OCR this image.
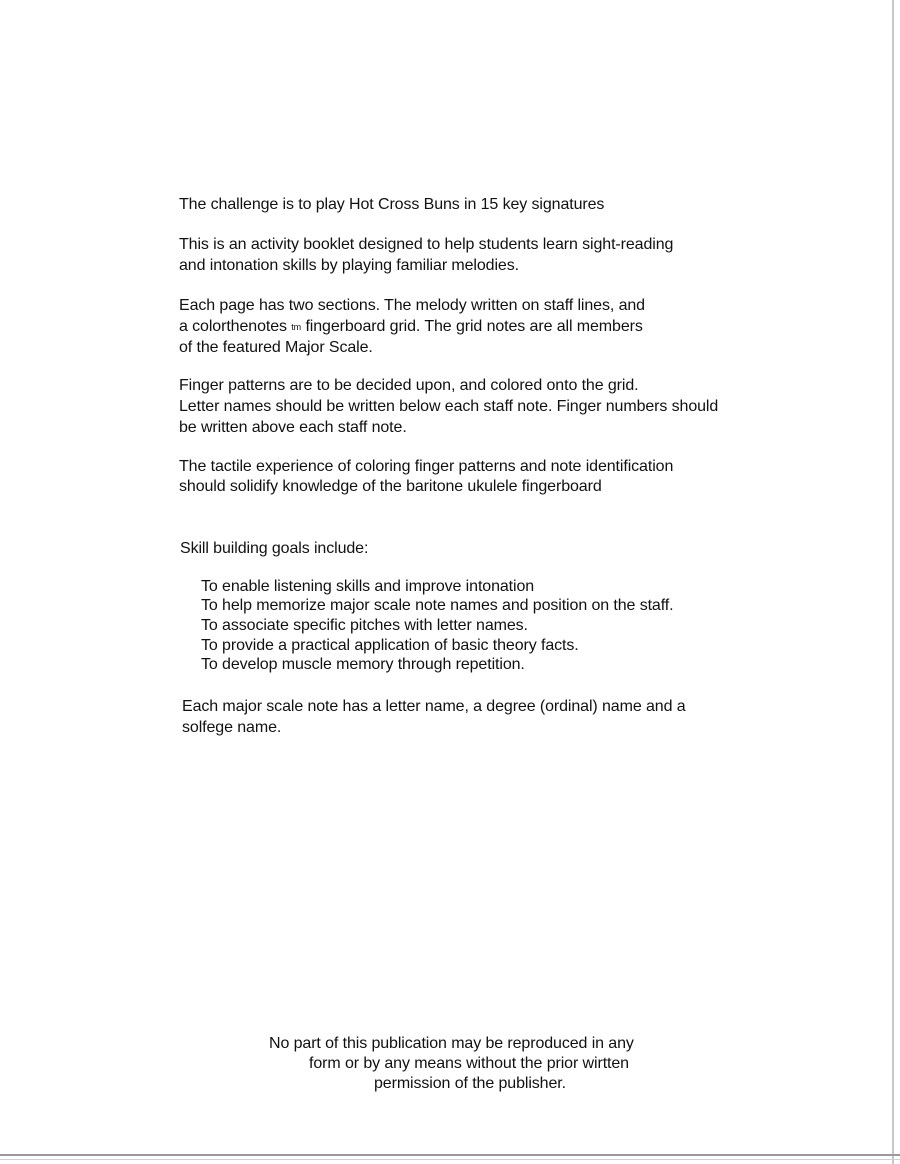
The challenge is to play Hot Cross Buns in 15 key signatures
This is an activity booklet designed to help students learn sight-reading
and intonation skills by playing familiar melodies.
Each page has two sections. The melody written on staff lines, and
a colorthenotes tm fingerboard grid. The grid notes are all members
of the featured Major Scale.
Finger patterns are to be decided upon, and colored onto the grid.
Letter names should be written below each staff note. Finger numbers should
be written above each staff note.
The tactile experience of coloring finger patterns and note identification
should solidify knowledge of the baritone ukulele fingerboard
Skill building goals include:
To enable listening skills and improve intonation
To help memorize major scale note names and position on the staff.
To associate specific pitches with letter names.
To provide a practical application of basic theory facts.
To develop muscle memory through repetition.
Each major scale note has a letter name, a degree (ordinal) name and a
solfege name.
No part of this publication may be reproduced in any
form or by any means without the prior wirtten
permission of the publisher.
